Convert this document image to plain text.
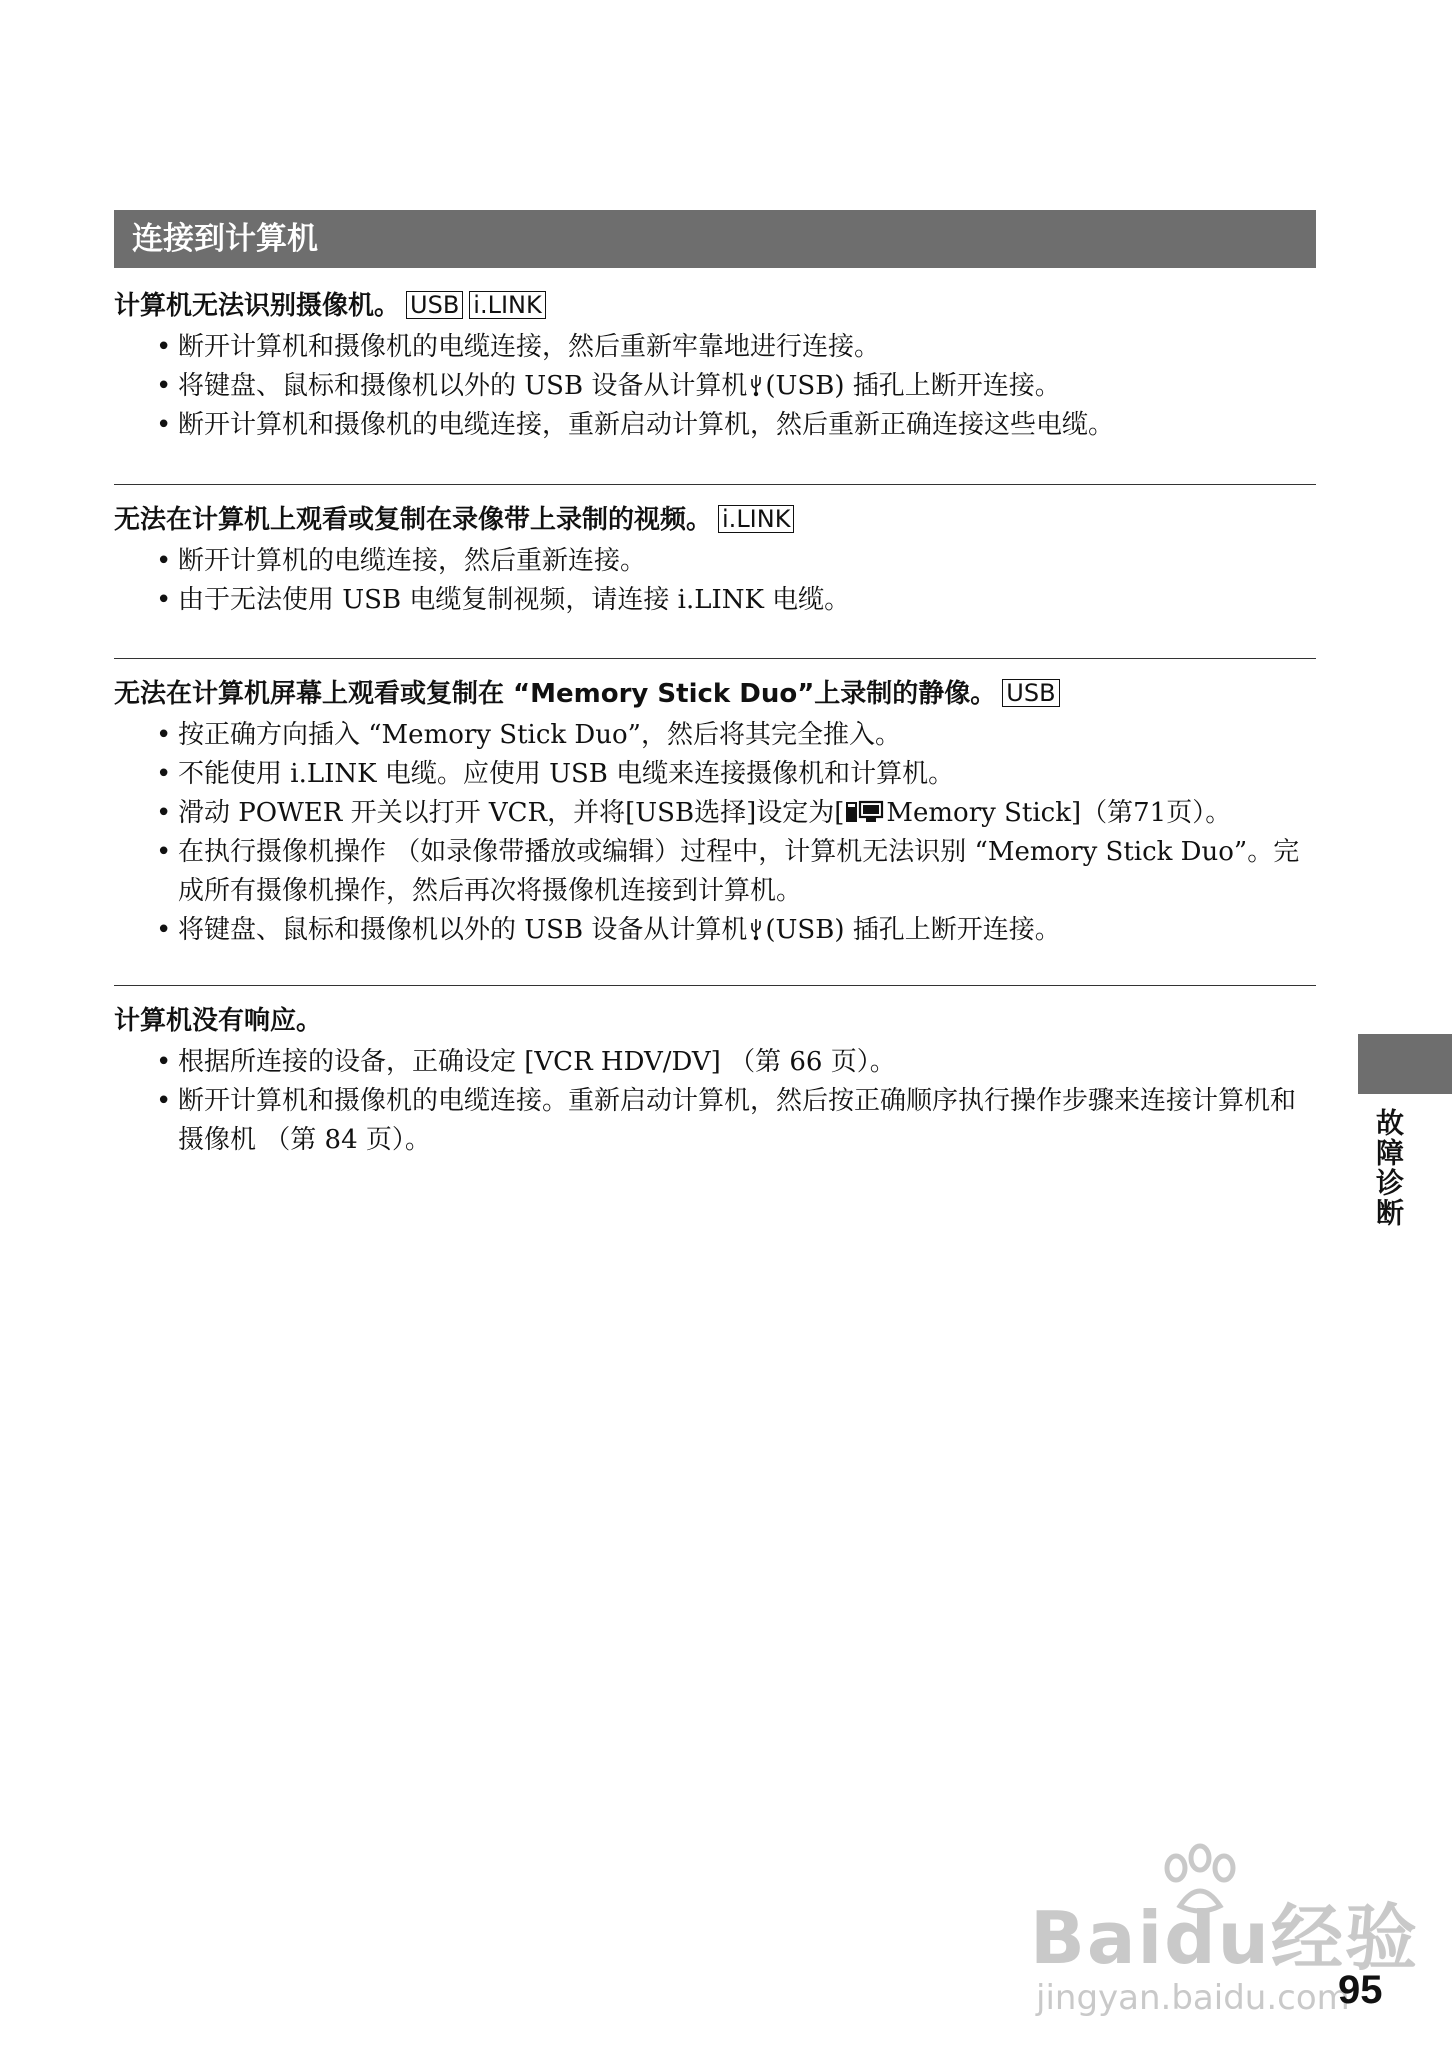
连接到计算机

计算机无法识别摄像机。 USB i.LINK

• 断开计算机和摄像机的电缆连接，然后重新牢靠地进行连接。
• 将键盘、鼠标和摄像机以外的 USB 设备从计算机 (USB) 插孔上断开连接。
• 断开计算机和摄像机的电缆连接，重新启动计算机，然后重新正确连接这些电缆。

无法在计算机上观看或复制在录像带上录制的视频。 i.LINK

• 断开计算机的电缆连接，然后重新连接。
• 由于无法使用 USB 电缆复制视频，请连接 i.LINK 电缆。

无法在计算机屏幕上观看或复制在 “Memory Stick Duo”上录制的静像。 USB

• 按正确方向插入 “Memory Stick Duo”，然后将其完全推入。
• 不能使用 i.LINK 电缆。应使用 USB 电缆来连接摄像机和计算机。
• 滑动 POWER 开关以打开 VCR，并将[USB选择]设定为[ Memory Stick]（第71页）。
• 在执行摄像机操作 （如录像带播放或编辑）过程中，计算机无法识别 “Memory Stick Duo”。完成所有摄像机操作，然后再次将摄像机连接到计算机。
• 将键盘、鼠标和摄像机以外的 USB 设备从计算机 (USB) 插孔上断开连接。

计算机没有响应。

• 根据所连接的设备，正确设定 [VCR HDV/DV] （第 66 页）。
• 断开计算机和摄像机的电缆连接。重新启动计算机，然后按正确顺序执行操作步骤来连接计算机和摄像机 （第 84 页）。	故障诊断
Baidu经验
jingyan.baidu.com
95
